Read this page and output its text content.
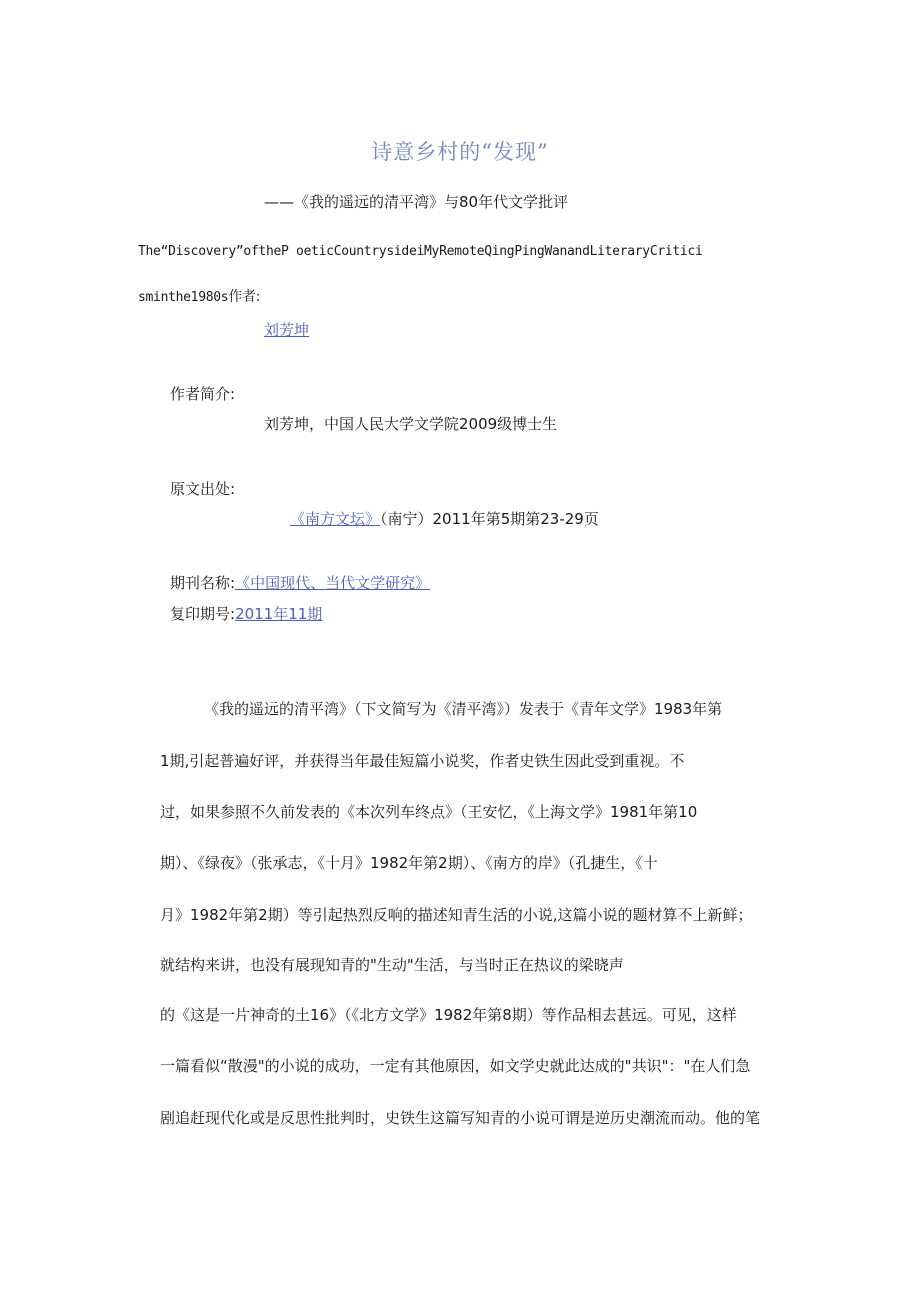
诗意乡村的“发现”
——《我的遥远的清平湾》与80年代文学批评
The“Discovery”oftheP oeticCountrysideiMyRemoteQingPingWanandLiteraryCritici
sminthe1980s作者:
刘芳坤
作者简介:
刘芳坤，中国人民大学文学院2009级博士生
原文出处:
《南方文坛》（南宁）2011年第5期第23-29页
期刊名称:《中国现代、当代文学研究》
复印期号:2011年11期
《我的遥远的清平湾》（下文简写为《清平湾》）发表于《青年文学》1983年第
1期,引起普遍好评，并获得当年最佳短篇小说奖，作者史铁生因此受到重视。不
过，如果参照不久前发表的《本次列车终点》（王安忆，《上海文学》1981年第10
期）、《绿夜》（张承志，《十月》1982年第2期）、《南方的岸》（孔捷生，《十
月》1982年第2期）等引起热烈反响的描述知青生活的小说,这篇小说的题材算不上新鲜；
就结构来讲，也没有展现知青的"生动"生活，与当时正在热议的梁晓声
的《这是一片神奇的土16》（《北方文学》1982年第8期）等作品相去甚远。可见，这样
一篇看似“散漫"的小说的成功，一定有其他原因，如文学史就此达成的"共识"："在人们急
剧追赶现代化或是反思性批判时，史铁生这篇写知青的小说可谓是逆历史潮流而动。他的笔
